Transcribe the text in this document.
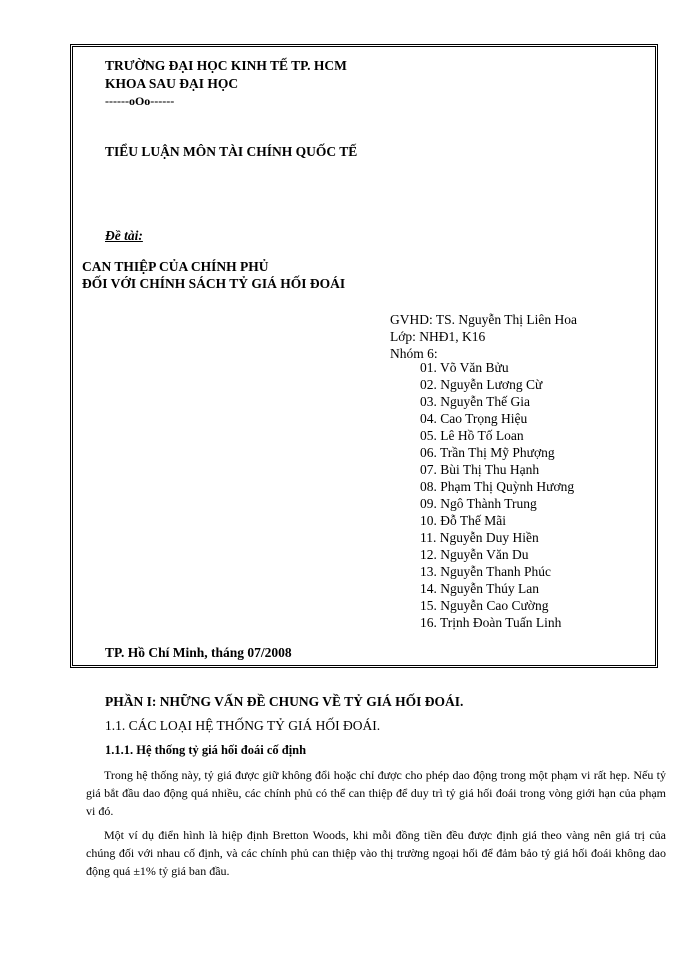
TRƯỜNG ĐẠI HỌC KINH TẾ TP. HCM
KHOA SAU ĐẠI HỌC
------oOo------
TIỂU LUẬN MÔN TÀI CHÍNH QUỐC TẾ
Đề tài:
CAN THIỆP CỦA CHÍNH PHỦ
ĐỐI VỚI CHÍNH SÁCH TỶ GIÁ HỐI ĐOÁI
GVHD: TS. Nguyễn Thị Liên Hoa
Lớp: NHĐ1, K16
Nhóm 6:
01. Võ Văn Bửu
02. Nguyễn Lương Cừ
03. Nguyễn Thế Gia
04. Cao Trọng Hiệu
05. Lê Hồ Tố Loan
06. Trần Thị Mỹ Phượng
07. Bùi Thị Thu Hạnh
08. Phạm Thị Quỳnh Hương
09. Ngô Thành Trung
10. Đỗ Thế Mãi
11. Nguyễn Duy Hiền
12. Nguyễn Văn Du
13. Nguyễn Thanh Phúc
14. Nguyễn Thúy Lan
15. Nguyễn Cao Cường
16. Trịnh Đoàn Tuấn Linh
TP. Hồ Chí Minh, tháng 07/2008
PHẦN I: NHỮNG VẤN ĐỀ CHUNG VỀ TỶ GIÁ HỐI ĐOÁI.
1.1. CÁC LOẠI HỆ THỐNG TỶ GIÁ HỐI ĐOÁI.
1.1.1. Hệ thống tỷ giá hối đoái cố định

Trong hệ thống này, tỷ giá được giữ không đổi hoặc chỉ được cho phép dao động trong một phạm vi rất hẹp. Nếu tỷ giá bắt đầu dao động quá nhiều, các chính phủ có thể can thiệp để duy trì tỷ giá hối đoái trong vòng giới hạn của phạm vi đó.

Một ví dụ điển hình là hiệp định Bretton Woods, khi mỗi đồng tiền đều được định giá theo vàng nên giá trị của chúng đối với nhau cố định, và các chính phủ can thiệp vào thị trường ngoại hối để đảm bảo tỷ giá hối đoái không dao động quá ±1% tỷ giá ban đầu.
